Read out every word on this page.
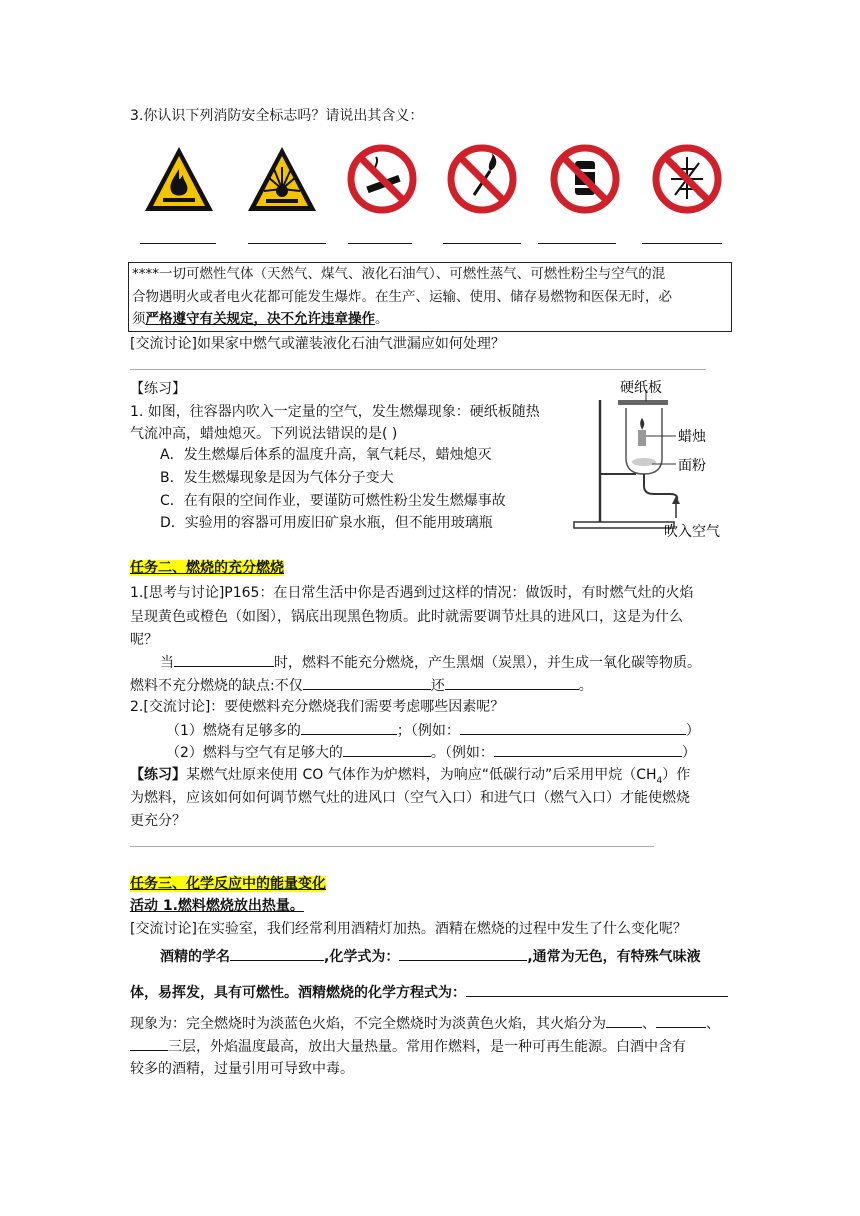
3.你认识下列消防安全标志吗？请说出其含义：
****一切可燃性气体（天然气、煤气、液化石油气）、可燃性蒸气、可燃性粉尘与空气的混
合物遇明火或者电火花都可能发生爆炸。在生产、运输、使用、储存易燃物和医保无时，必
须严格遵守有关规定，决不允许违章操作。
[交流讨论]如果家中燃气或灌装液化石油气泄漏应如何处理？
【练习】
1. 如图，往容器内吹入一定量的空气，发生燃爆现象：硬纸板随热
气流冲高，蜡烛熄灭。下列说法错误的是( )
A．发生燃爆后体系的温度升高，氧气耗尽，蜡烛熄灭
B．发生燃爆现象是因为气体分子变大
C．在有限的空间作业，要谨防可燃性粉尘发生燃爆事故
D．实验用的容器可用废旧矿泉水瓶，但不能用玻璃瓶
硬纸板
蜡烛
面粉
吹入空气
任务二、燃烧的充分燃烧
1.[思考与讨论]P165：在日常生活中你是否遇到过这样的情况：做饭时，有时燃气灶的火焰
呈现黄色或橙色（如图），锅底出现黑色物质。此时就需要调节灶具的进风口，这是为什么
呢？
当	时，燃料不能充分燃烧，产生黑烟（炭黑），并生成一氧化碳等物质。
燃料不充分燃烧的缺点:不仅	还	。
2.[交流讨论]：要使燃料充分燃烧我们需要考虑哪些因素呢？
（1）燃烧有足够多的	；（例如：	）
（2）燃料与空气有足够大的	。（例如：	）
【练习】某燃气灶原来使用 CO 气体作为炉燃料，为响应“低碳行动”后采用甲烷$(CH_4)$作
为燃料，应该如何如何调节燃气灶的进风口（空气入口）和进气口（燃气入口）才能使燃烧
更充分？
任务三、化学反应中的能量变化
活动 1.燃料燃烧放出热量。
[交流讨论]在实验室，我们经常利用酒精灯加热。酒精在燃烧的过程中发生了什么变化呢？
酒精的学名	,化学式为：	,通常为无色，有特殊气味液
体，易挥发，具有可燃性。酒精燃烧的化学方程式为：
现象为：完全燃烧时为淡蓝色火焰，不完全燃烧时为淡黄色火焰，其火焰分为	、	、
三层，外焰温度最高，放出大量热量。常用作燃料，是一种可再生能源。白酒中含有
较多的酒精，过量引用可导致中毒。
